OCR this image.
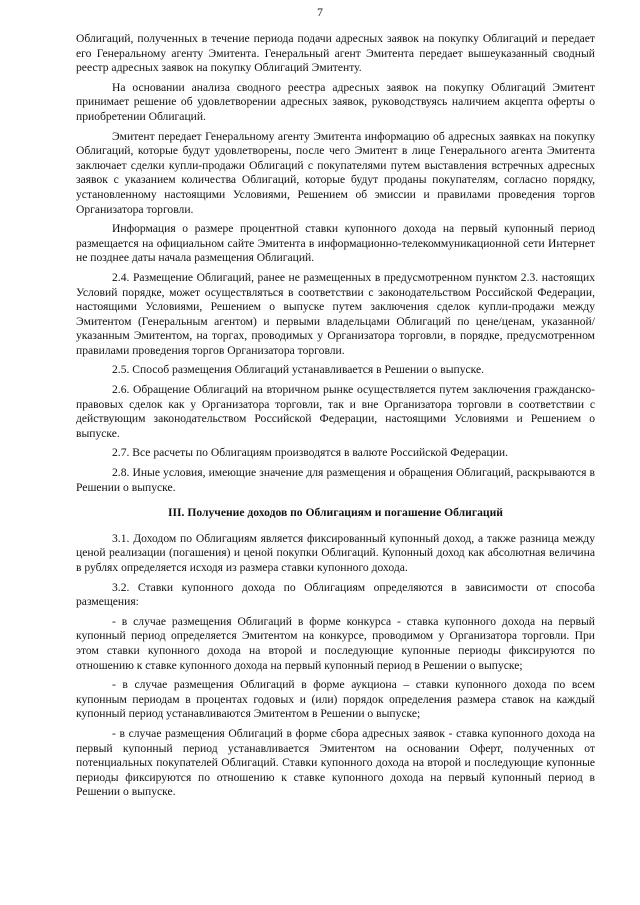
7

Облигаций, полученных в течение периода подачи адресных заявок на покупку Облигаций и передает его Генеральному агенту Эмитента. Генеральный агент Эмитента передает вышеуказанный сводный реестр адресных заявок на покупку Облигаций Эмитенту.

На основании анализа сводного реестра адресных заявок на покупку Облигаций Эмитент принимает решение об удовлетворении адресных заявок, руководствуясь наличием акцепта оферты о приобретении Облигаций.

Эмитент передает Генеральному агенту Эмитента информацию об адресных заявках на покупку Облигаций, которые будут удовлетворены, после чего Эмитент в лице Генерального агента Эмитента заключает сделки купли-продажи Облигаций с покупателями путем выставления встречных адресных заявок с указанием количества Облигаций, которые будут проданы покупателям, согласно порядку, установленному настоящими Условиями, Решением об эмиссии и правилами проведения торгов Организатора торговли.

Информация о размере процентной ставки купонного дохода на первый купонный период размещается на официальном сайте Эмитента в информационно-телекоммуникационной сети Интернет не позднее даты начала размещения Облигаций.

2.4. Размещение Облигаций, ранее не размещенных в предусмотренном пунктом 2.3. настоящих Условий порядке, может осуществляться в соответствии с законодательством Российской Федерации, настоящими Условиями, Решением о выпуске путем заключения сделок купли-продажи между Эмитентом (Генеральным агентом) и первыми владельцами Облигаций по цене/ценам, указанной/указанным Эмитентом, на торгах, проводимых у Организатора торговли, в порядке, предусмотренном правилами проведения торгов Организатора торговли.

2.5. Способ размещения Облигаций устанавливается в Решении о выпуске.

2.6. Обращение Облигаций на вторичном рынке осуществляется путем заключения гражданско-правовых сделок как у Организатора торговли, так и вне Организатора торговли в соответствии с действующим законодательством Российской Федерации, настоящими Условиями и Решением о выпуске.

2.7. Все расчеты по Облигациям производятся в валюте Российской Федерации.

2.8. Иные условия, имеющие значение для размещения и обращения Облигаций, раскрываются в Решении о выпуске.

III. Получение доходов по Облигациям и погашение Облигаций

3.1. Доходом по Облигациям является фиксированный купонный доход, а также разница между ценой реализации (погашения) и ценой покупки Облигаций. Купонный доход как абсолютная величина в рублях определяется исходя из размера ставки купонного дохода.

3.2. Ставки купонного дохода по Облигациям определяются в зависимости от способа размещения:

- в случае размещения Облигаций в форме конкурса - ставка купонного дохода на первый купонный период определяется Эмитентом на конкурсе, проводимом у Организатора торговли. При этом ставки купонного дохода на второй и последующие купонные периоды фиксируются по отношению к ставке купонного дохода на первый купонный период в Решении о выпуске;

- в случае размещения Облигаций в форме аукциона – ставки купонного дохода по всем купонным периодам в процентах годовых и (или) порядок определения размера ставок на каждый купонный период устанавливаются Эмитентом в Решении о выпуске;

- в случае размещения Облигаций в форме сбора адресных заявок - ставка купонного дохода на первый купонный период устанавливается Эмитентом на основании Оферт, полученных от потенциальных покупателей Облигаций. Ставки купонного дохода на второй и последующие купонные периоды фиксируются по отношению к ставке купонного дохода на первый купонный период в Решении о выпуске.
